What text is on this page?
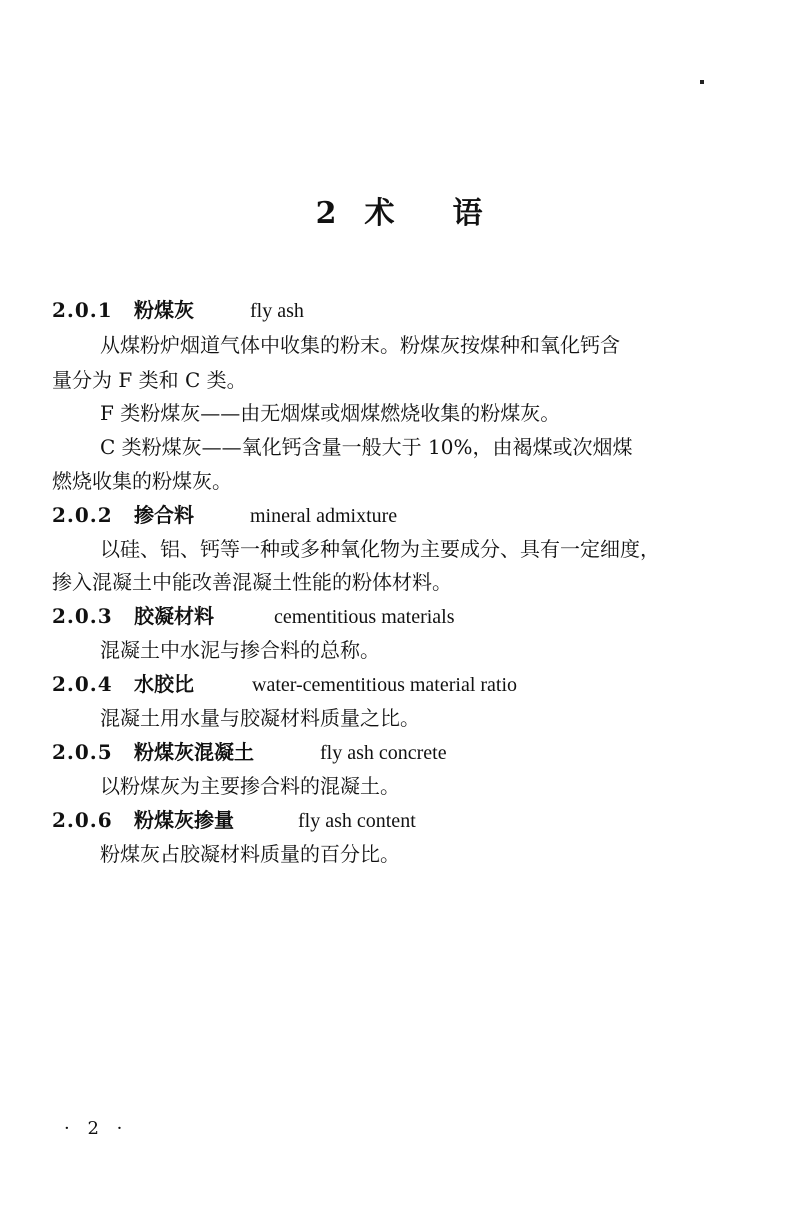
2 术 语
2.0.1 粉煤灰	fly ash
从煤粉炉烟道气体中收集的粉末。粉煤灰按煤种和氧化钙含
量分为 F 类和 C 类。
F 类粉煤灰——由无烟煤或烟煤燃烧收集的粉煤灰。
C 类粉煤灰——氧化钙含量一般大于 10%，由褐煤或次烟煤
燃烧收集的粉煤灰。
2.0.2 掺合料	mineral admixture
以硅、铝、钙等一种或多种氧化物为主要成分、具有一定细度，
掺入混凝土中能改善混凝土性能的粉体材料。
2.0.3 胶凝材料	cementitious materials
混凝土中水泥与掺合料的总称。
2.0.4 水胶比	water-cementitious material ratio
混凝土用水量与胶凝材料质量之比。
2.0.5 粉煤灰混凝土	fly ash concrete
以粉煤灰为主要掺合料的混凝土。
2.0.6 粉煤灰掺量	fly ash content
粉煤灰占胶凝材料质量的百分比。
· 2 ·
